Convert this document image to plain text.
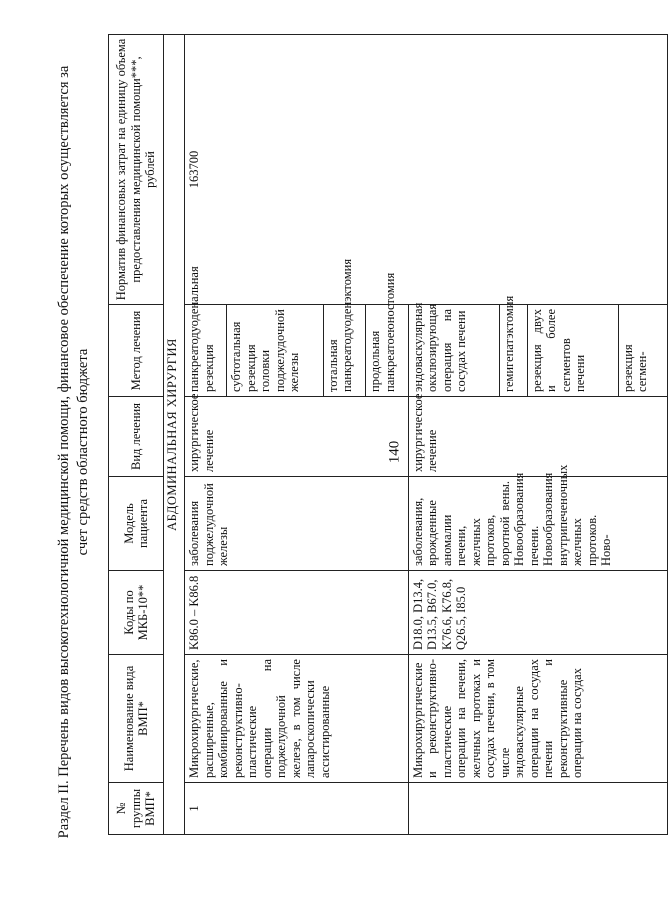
140
Раздел II. Перечень видов высокотехнологичной медицинской помощи, финансовое обеспечение которых осуществляется за счет средств областного бюджета
№ группы ВМП*	Наименование вида ВМП*	Коды по МКБ-10**	Модель пациента	Вид лечения	Метод лечения	Норматив финансовых затрат на единицу объема предоставления медицинской помощи***, рублей
АБДОМИНАЛЬНАЯ ХИРУРГИЯ						
1	Микрохирургические, расширенные, комбинированные и реконструктивно-пластические операции на поджелудочной железе, в том числе лапароскопически ассистированные	K86.0 – K86.8	заболевания поджелудочной железы	хирургическое лечение	панкреатодуоденальная резекция	163700
					субтотальная резекция головки поджелудочной железы	
					тотальная панкреатодуоденэктомия	
					продольная панкреатоеюностомия	
	Микрохирургические и реконструктивно-пластические операции на печени, желчных протоках и сосудах печени, в том числе эндоваскулярные операции на сосудах печени и реконструктивные операции на сосудах	D18.0, D13.4, D13.5, B67.0, K76.6, K76.8, Q26.5, I85.0	заболевания, врожденные аномалии печени, желчных протоков, воротной вены. Новообразования печени. Новообразования внутрипеченочных желчных протоков. Ново-	хирургическое лечение	эндоваскулярная окклюзирующая операция на сосудах печени	
					гемигепатэктомия	
					резекция двух и более сегментов печени	
					резекция сегмен-	
